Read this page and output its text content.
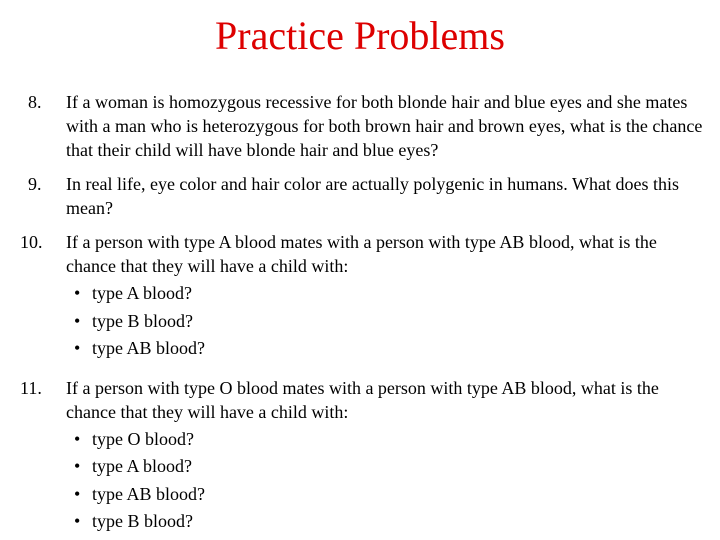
Practice Problems
8. If a woman is homozygous recessive for both blonde hair and blue eyes and she mates with a man who is heterozygous for both brown hair and brown eyes, what is the chance that their child will have blonde hair and blue eyes?
9. In real life, eye color and hair color are actually polygenic in humans. What does this mean?
10. If a person with type A blood mates with a person with type AB blood, what is the chance that they will have a child with:
• type A blood?
• type B blood?
• type AB blood?
11. If a person with type O blood mates with a person with type AB blood, what is the chance that they will have a child with:
• type O blood?
• type A blood?
• type AB blood?
• type B blood?
